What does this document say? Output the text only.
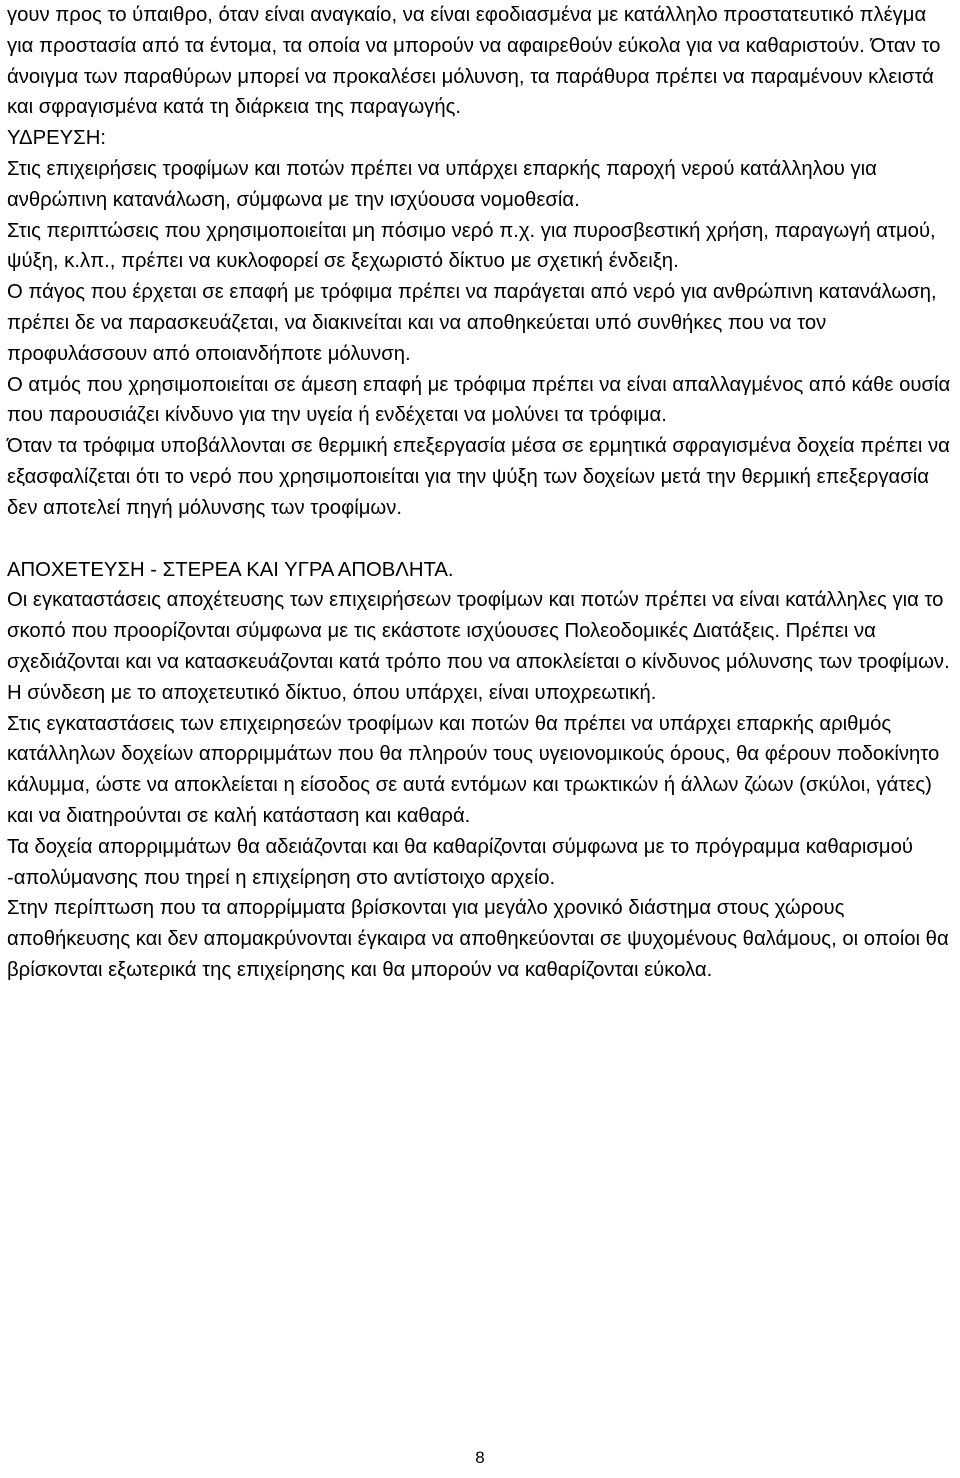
γουν προς το ύπαιθρο, όταν είναι αναγκαίο, να είναι εφοδιασμένα με κατάλληλο προστατευτικό πλέγμα για προστασία από τα έντομα, τα οποία να μπορούν να αφαιρεθούν εύκολα για να καθαριστούν. Όταν το άνοιγμα των παραθύρων μπορεί να προκαλέσει μόλυνση, τα παράθυρα πρέπει να παραμένουν κλειστά και σφραγισμένα κατά τη διάρκεια της παραγωγής.

ΥΔΡΕΥΣΗ:

Στις επιχειρήσεις τροφίμων και ποτών πρέπει να υπάρχει επαρκής παροχή νερού κατάλληλου για ανθρώπινη κατανάλωση, σύμφωνα με την ισχύουσα νομοθεσία.

Στις περιπτώσεις που χρησιμοποιείται μη πόσιμο νερό π.χ. για πυροσβεστική χρήση, παραγωγή ατμού, ψύξη, κ.λπ., πρέπει να κυκλοφορεί σε ξεχωριστό δίκτυο με σχετική ένδειξη.

Ο πάγος που έρχεται σε επαφή με τρόφιμα πρέπει να παράγεται από νερό για ανθρώπινη κατανάλωση, πρέπει δε να παρασκευάζεται, να διακινείται και να αποθηκεύεται υπό συνθήκες που να τον προφυλάσσουν από οποιανδήποτε μόλυνση.

Ο ατμός που χρησιμοποιείται σε άμεση επαφή με τρόφιμα πρέπει να είναι απαλλαγμένος από κάθε ουσία που παρουσιάζει κίνδυνο για την υγεία ή ενδέχεται να μολύνει τα τρόφιμα.

Όταν τα τρόφιμα υποβάλλονται σε θερμική επεξεργασία μέσα σε ερμητικά σφραγισμένα δοχεία πρέπει να εξασφαλίζεται ότι το νερό που χρησιμοποιείται για την ψύξη των δοχείων μετά την θερμική επεξεργασία δεν αποτελεί πηγή μόλυνσης των τροφίμων.

ΑΠΟΧΕΤΕΥΣΗ - ΣΤΕΡΕΑ ΚΑΙ ΥΓΡΑ ΑΠΟΒΛΗΤΑ.

Οι εγκαταστάσεις αποχέτευσης των επιχειρήσεων τροφίμων και ποτών πρέπει να είναι κατάλληλες για το σκοπό που προορίζονται σύμφωνα με τις εκάστοτε ισχύουσες Πολεοδομικές Διατάξεις. Πρέπει να σχεδιάζονται και να κατασκευάζονται κατά τρόπο που να αποκλείεται ο κίνδυνος μόλυνσης των τροφίμων.

Η σύνδεση με το αποχετευτικό δίκτυο, όπου υπάρχει, είναι υποχρεωτική.

Στις εγκαταστάσεις των επιχειρησεών τροφίμων και ποτών θα πρέπει να υπάρχει επαρκής αριθμός κατάλληλων δοχείων απορριμμάτων που θα πληρούν τους υγειονομικούς όρους, θα φέρουν ποδοκίνητο κάλυμμα, ώστε να αποκλείεται η είσοδος σε αυτά εντόμων και τρωκτικών ή άλλων ζώων (σκύλοι, γάτες) και να διατηρούνται σε καλή κατάσταση και καθαρά.

Τα δοχεία απορριμμάτων θα αδειάζονται και θα καθαρίζονται σύμφωνα με το πρόγραμμα καθαρισμού -απολύμανσης που τηρεί η επιχείρηση στο αντίστοιχο αρχείο.

Στην περίπτωση που τα απορρίμματα βρίσκονται για μεγάλο χρονικό διάστημα στους χώρους αποθήκευσης και δεν απομακρύνονται έγκαιρα να αποθηκεύονται σε ψυχομένους θαλάμους, οι οποίοι θα βρίσκονται εξωτερικά της επιχείρησης και θα μπορούν να καθαρίζονται εύκολα.

8
